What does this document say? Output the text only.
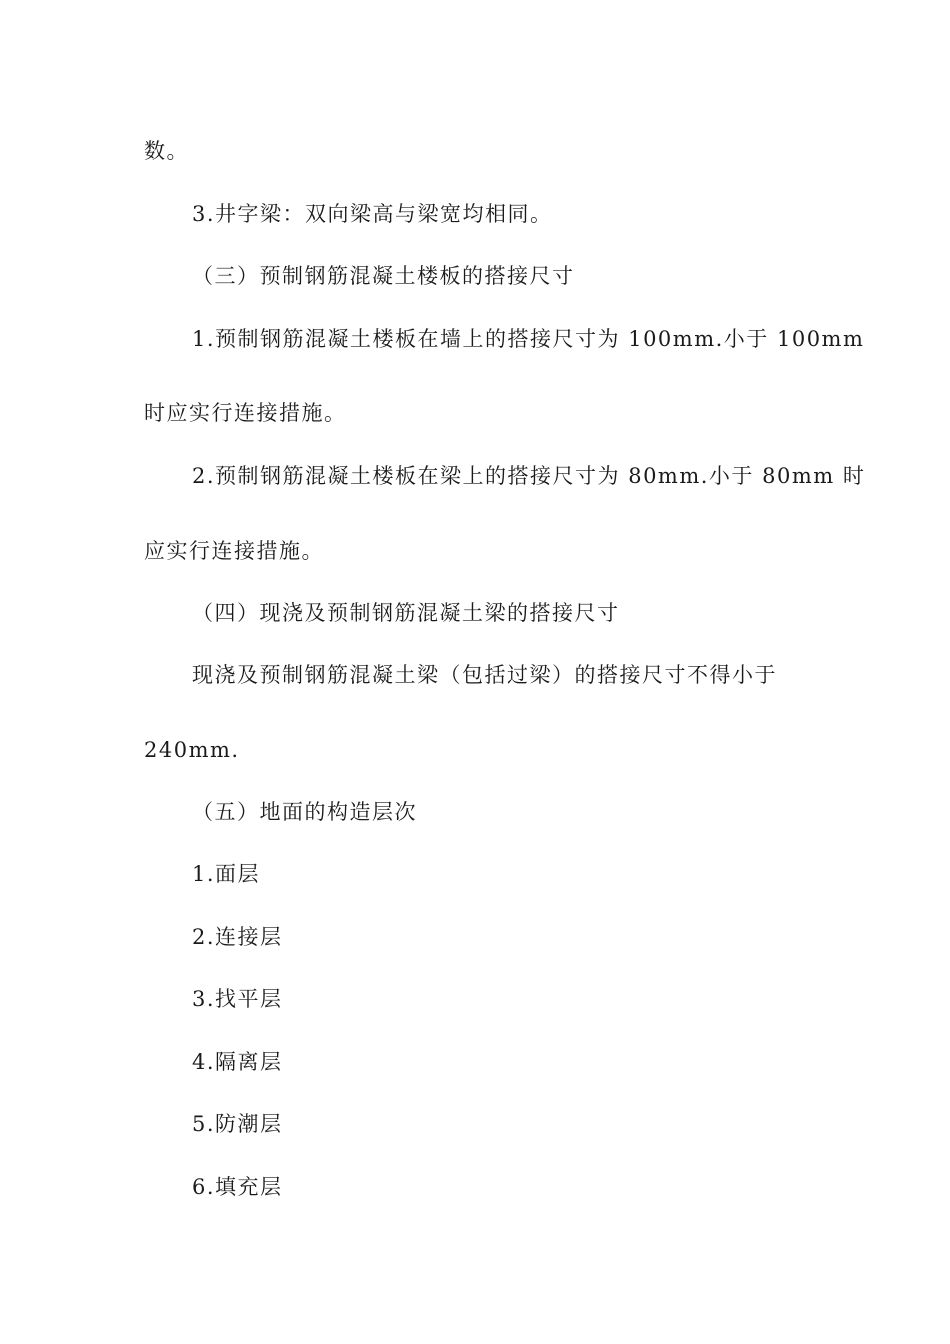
数。
3.井字梁：双向梁高与梁宽均相同。
（三）预制钢筋混凝土楼板的搭接尺寸
1.预制钢筋混凝土楼板在墙上的搭接尺寸为 100mm.小于 100mm
时应实行连接措施。
2.预制钢筋混凝土楼板在梁上的搭接尺寸为 80mm.小于 80mm 时
应实行连接措施。
（四）现浇及预制钢筋混凝土梁的搭接尺寸
现浇及预制钢筋混凝土梁（包括过梁）的搭接尺寸不得小于
240mm.
（五）地面的构造层次
1.面层
2.连接层
3.找平层
4.隔离层
5.防潮层
6.填充层
